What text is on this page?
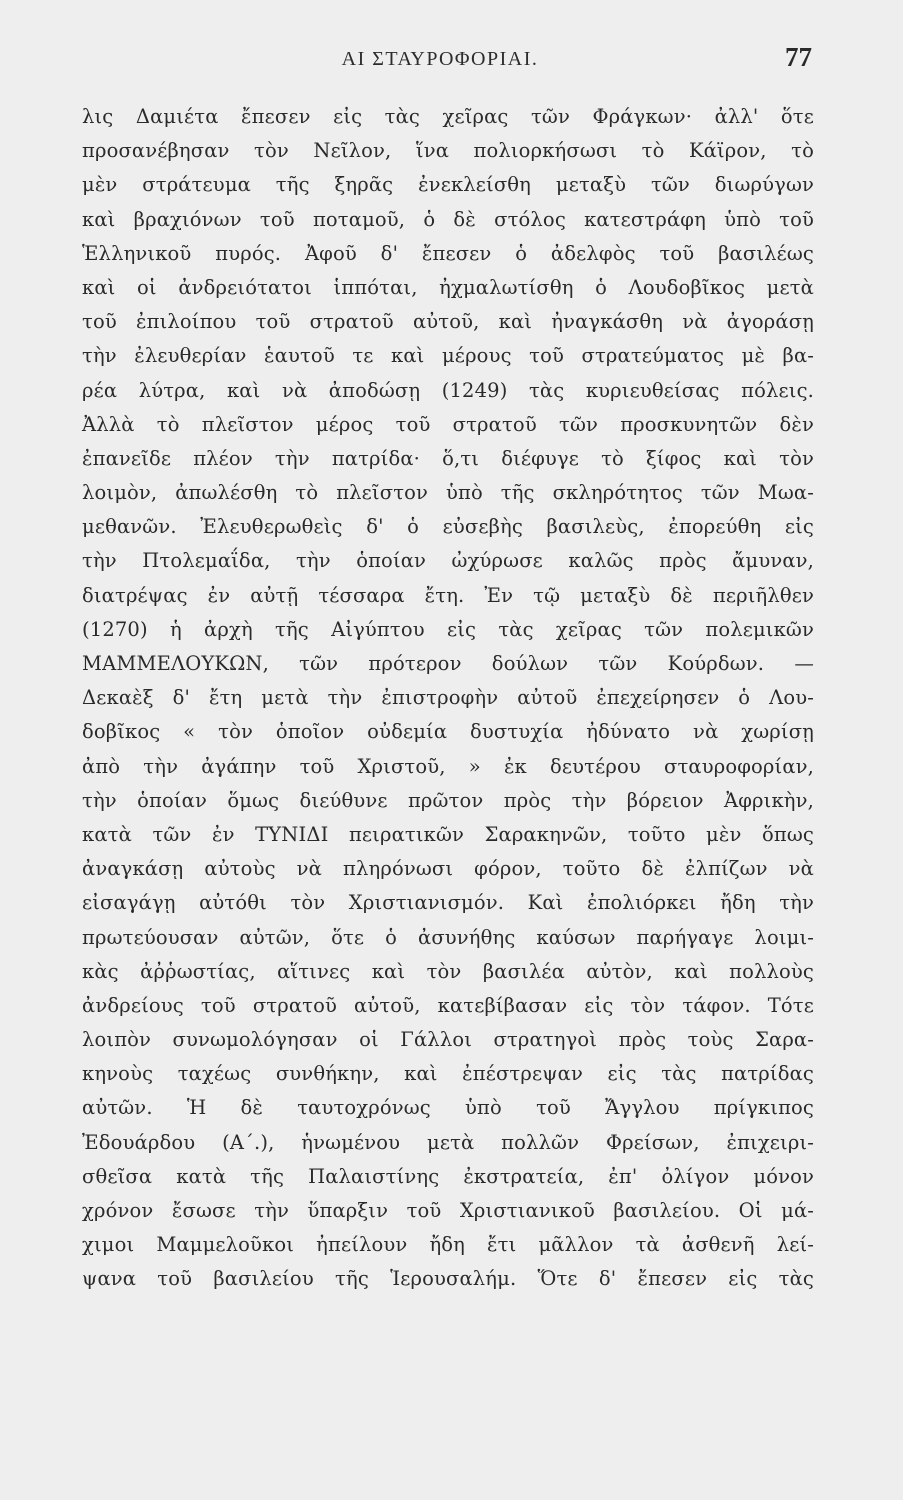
ΑΙ ΣΤΑΥΡΟΦΟΡΙΑΙ.	77
λις Δαμιέτα ἔπεσεν εἰς τὰς χεῖρας τῶν Φράγκων· ἀλλ' ὅτε
προσανέβησαν τὸν Νεῖλον, ἵνα πολιορκήσωσι τὸ Κάϊρον, τὸ
μὲν στράτευμα τῆς ξηρᾶς ἐνεκλείσθη μεταξὺ τῶν διωρύγων
καὶ βραχιόνων τοῦ ποταμοῦ, ὁ δὲ στόλος κατεστράφη ὑπὸ τοῦ
Ἑλληνικοῦ πυρός. Ἀφοῦ δ' ἔπεσεν ὁ ἀδελφὸς τοῦ βασιλέως
καὶ οἱ ἀνδρειότατοι ἱππόται, ἠχμαλωτίσθη ὁ Λουδοβῖκος μετὰ
τοῦ ἐπιλοίπου τοῦ στρατοῦ αὐτοῦ, καὶ ἠναγκάσθη νὰ ἀγοράσῃ
τὴν ἐλευθερίαν ἑαυτοῦ τε καὶ μέρους τοῦ στρατεύματος μὲ βα-
ρέα λύτρα, καὶ νὰ ἀποδώσῃ (1249) τὰς κυριευθείσας πόλεις.
Ἀλλὰ τὸ πλεῖστον μέρος τοῦ στρατοῦ τῶν προσκυνητῶν δὲν
ἐπανεῖδε πλέον τὴν πατρίδα· ὅ,τι διέφυγε τὸ ξίφος καὶ τὸν
λοιμὸν, ἀπωλέσθη τὸ πλεῖστον ὑπὸ τῆς σκληρότητος τῶν Μωα-
μεθανῶν. Ἐλευθερωθεὶς δ' ὁ εὐσεβὴς βασιλεὺς, ἐπορεύθη εἰς
τὴν Πτολεμαΐδα, τὴν ὁποίαν ὠχύρωσε καλῶς πρὸς ἄμυναν,
διατρέψας ἐν αὐτῇ τέσσαρα ἔτη. Ἐν τῷ μεταξὺ δὲ περιῆλθεν
(1270) ἡ ἀρχὴ τῆς Αἰγύπτου εἰς τὰς χεῖρας τῶν πολεμικῶν
ΜΑΜΜΕΛΟΥΚΩΝ, τῶν πρότερον δούλων τῶν Κούρδων. —
Δεκαὲξ δ' ἔτη μετὰ τὴν ἐπιστροφὴν αὐτοῦ ἐπεχείρησεν ὁ Λου-
δοβῖκος « τὸν ὁποῖον οὐδεμία δυστυχία ἠδύνατο νὰ χωρίσῃ
ἀπὸ τὴν ἀγάπην τοῦ Χριστοῦ, » ἐκ δευτέρου σταυροφορίαν,
τὴν ὁποίαν ὅμως διεύθυνε πρῶτον πρὸς τὴν βόρειον Ἀφρικὴν,
κατὰ τῶν ἐν ΤΥΝΙΔΙ πειρατικῶν Σαρακηνῶν, τοῦτο μὲν ὅπως
ἀναγκάσῃ αὐτοὺς νὰ πληρόνωσι φόρον, τοῦτο δὲ ἐλπίζων νὰ
εἰσαγάγῃ αὐτόθι τὸν Χριστιανισμόν. Καὶ ἐπολιόρκει ἤδη τὴν
πρωτεύουσαν αὐτῶν, ὅτε ὁ ἀσυνήθης καύσων παρήγαγε λοιμι-
κὰς ἀῤῥωστίας, αἵτινες καὶ τὸν βασιλέα αὐτὸν, καὶ πολλοὺς
ἀνδρείους τοῦ στρατοῦ αὐτοῦ, κατεβίβασαν εἰς τὸν τάφον. Τότε
λοιπὸν συνωμολόγησαν οἱ Γάλλοι στρατηγοὶ πρὸς τοὺς Σαρα-
κηνοὺς ταχέως συνθήκην, καὶ ἐπέστρεψαν εἰς τὰς πατρίδας
αὐτῶν. Ἡ δὲ ταυτοχρόνως ὑπὸ τοῦ Ἄγγλου πρίγκιπος
Ἐδουάρδου (Α΄.), ἡνωμένου μετὰ πολλῶν Φρείσων, ἐπιχειρι-
σθεῖσα κατὰ τῆς Παλαιστίνης ἐκστρατεία, ἐπ' ὀλίγον μόνον
χρόνον ἔσωσε τὴν ὕπαρξιν τοῦ Χριστιανικοῦ βασιλείου. Οἱ μά-
χιμοι Μαμμελοῦκοι ἠπείλουν ἤδη ἔτι μᾶλλον τὰ ἀσθενῆ λεί-
ψανα τοῦ βασιλείου τῆς Ἱερουσαλήμ. Ὅτε δ' ἔπεσεν εἰς τὰς
